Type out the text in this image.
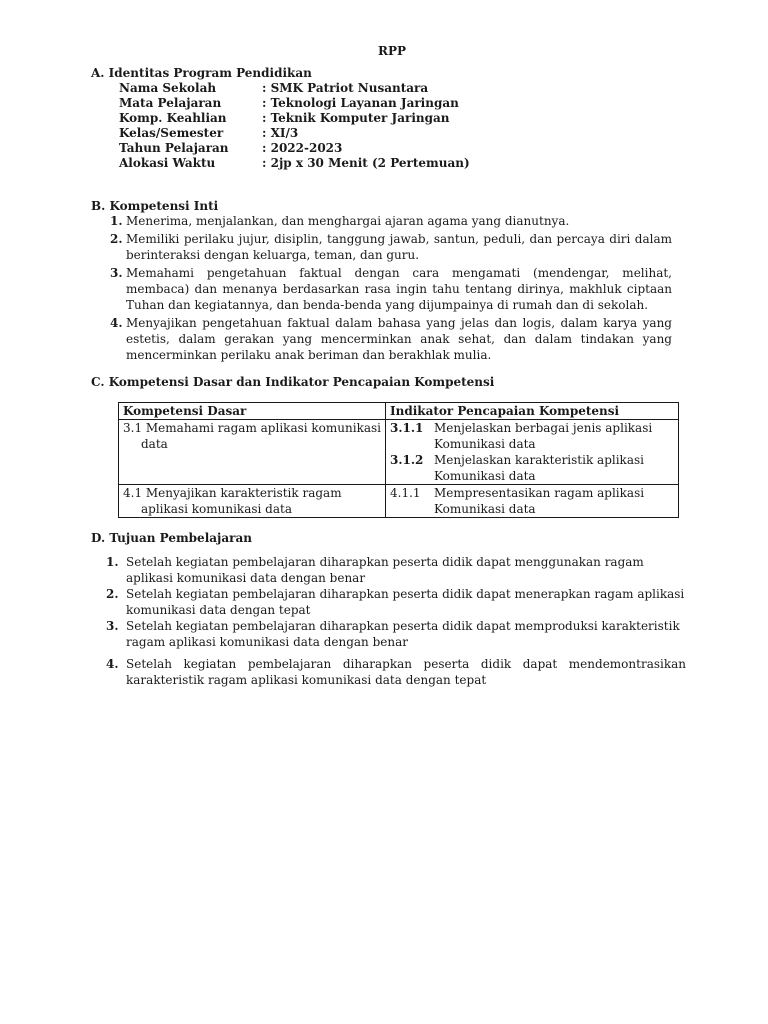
RPP
A. Identitas Program Pendidikan
Nama Sekolah	: SMK Patriot Nusantara
Mata Pelajaran	: Teknologi Layanan Jaringan
Komp. Keahlian	: Teknik Komputer Jaringan
Kelas/Semester	: XI/3
Tahun Pelajaran	: 2022-2023
Alokasi Waktu	: 2jp x 30 Menit (2 Pertemuan)
B. Kompetensi Inti
1. Menerima, menjalankan, dan menghargai ajaran agama yang dianutnya.
2. Memiliki perilaku jujur, disiplin, tanggung jawab, santun, peduli, dan percaya diri dalam berinteraksi dengan keluarga, teman, dan guru.
3. Memahami pengetahuan faktual dengan cara mengamati (mendengar, melihat, membaca) dan menanya berdasarkan rasa ingin tahu tentang dirinya, makhluk ciptaan Tuhan dan kegiatannya, dan benda-benda yang dijumpainya di rumah dan di sekolah.
4. Menyajikan pengetahuan faktual dalam bahasa yang jelas dan logis, dalam karya yang estetis, dalam gerakan yang mencerminkan anak sehat, dan dalam tindakan yang mencerminkan perilaku anak beriman dan berakhlak mulia.
C. Kompetensi Dasar dan Indikator Pencapaian Kompetensi
Kompetensi Dasar	Indikator Pencapaian Kompetensi

3.1 Memahami ragam aplikasi komunikasi data	3.1.1 Menjelaskan berbagai jenis aplikasi Komunikasi data
3.1.2 Menjelaskan karakteristik aplikasi Komunikasi data

4.1 Menyajikan karakteristik ragam aplikasi komunikasi data	4.1.1 Mempresentasikan ragam aplikasi Komunikasi data
D. Tujuan Pembelajaran
1. Setelah kegiatan pembelajaran diharapkan peserta didik dapat menggunakan ragam aplikasi komunikasi data dengan benar
2. Setelah kegiatan pembelajaran diharapkan peserta didik dapat menerapkan ragam aplikasi komunikasi data dengan tepat
3. Setelah kegiatan pembelajaran diharapkan peserta didik dapat memproduksi karakteristik ragam aplikasi komunikasi data dengan benar
4. Setelah kegiatan pembelajaran diharapkan peserta didik dapat mendemontrasikan karakteristik ragam aplikasi komunikasi data dengan tepat
